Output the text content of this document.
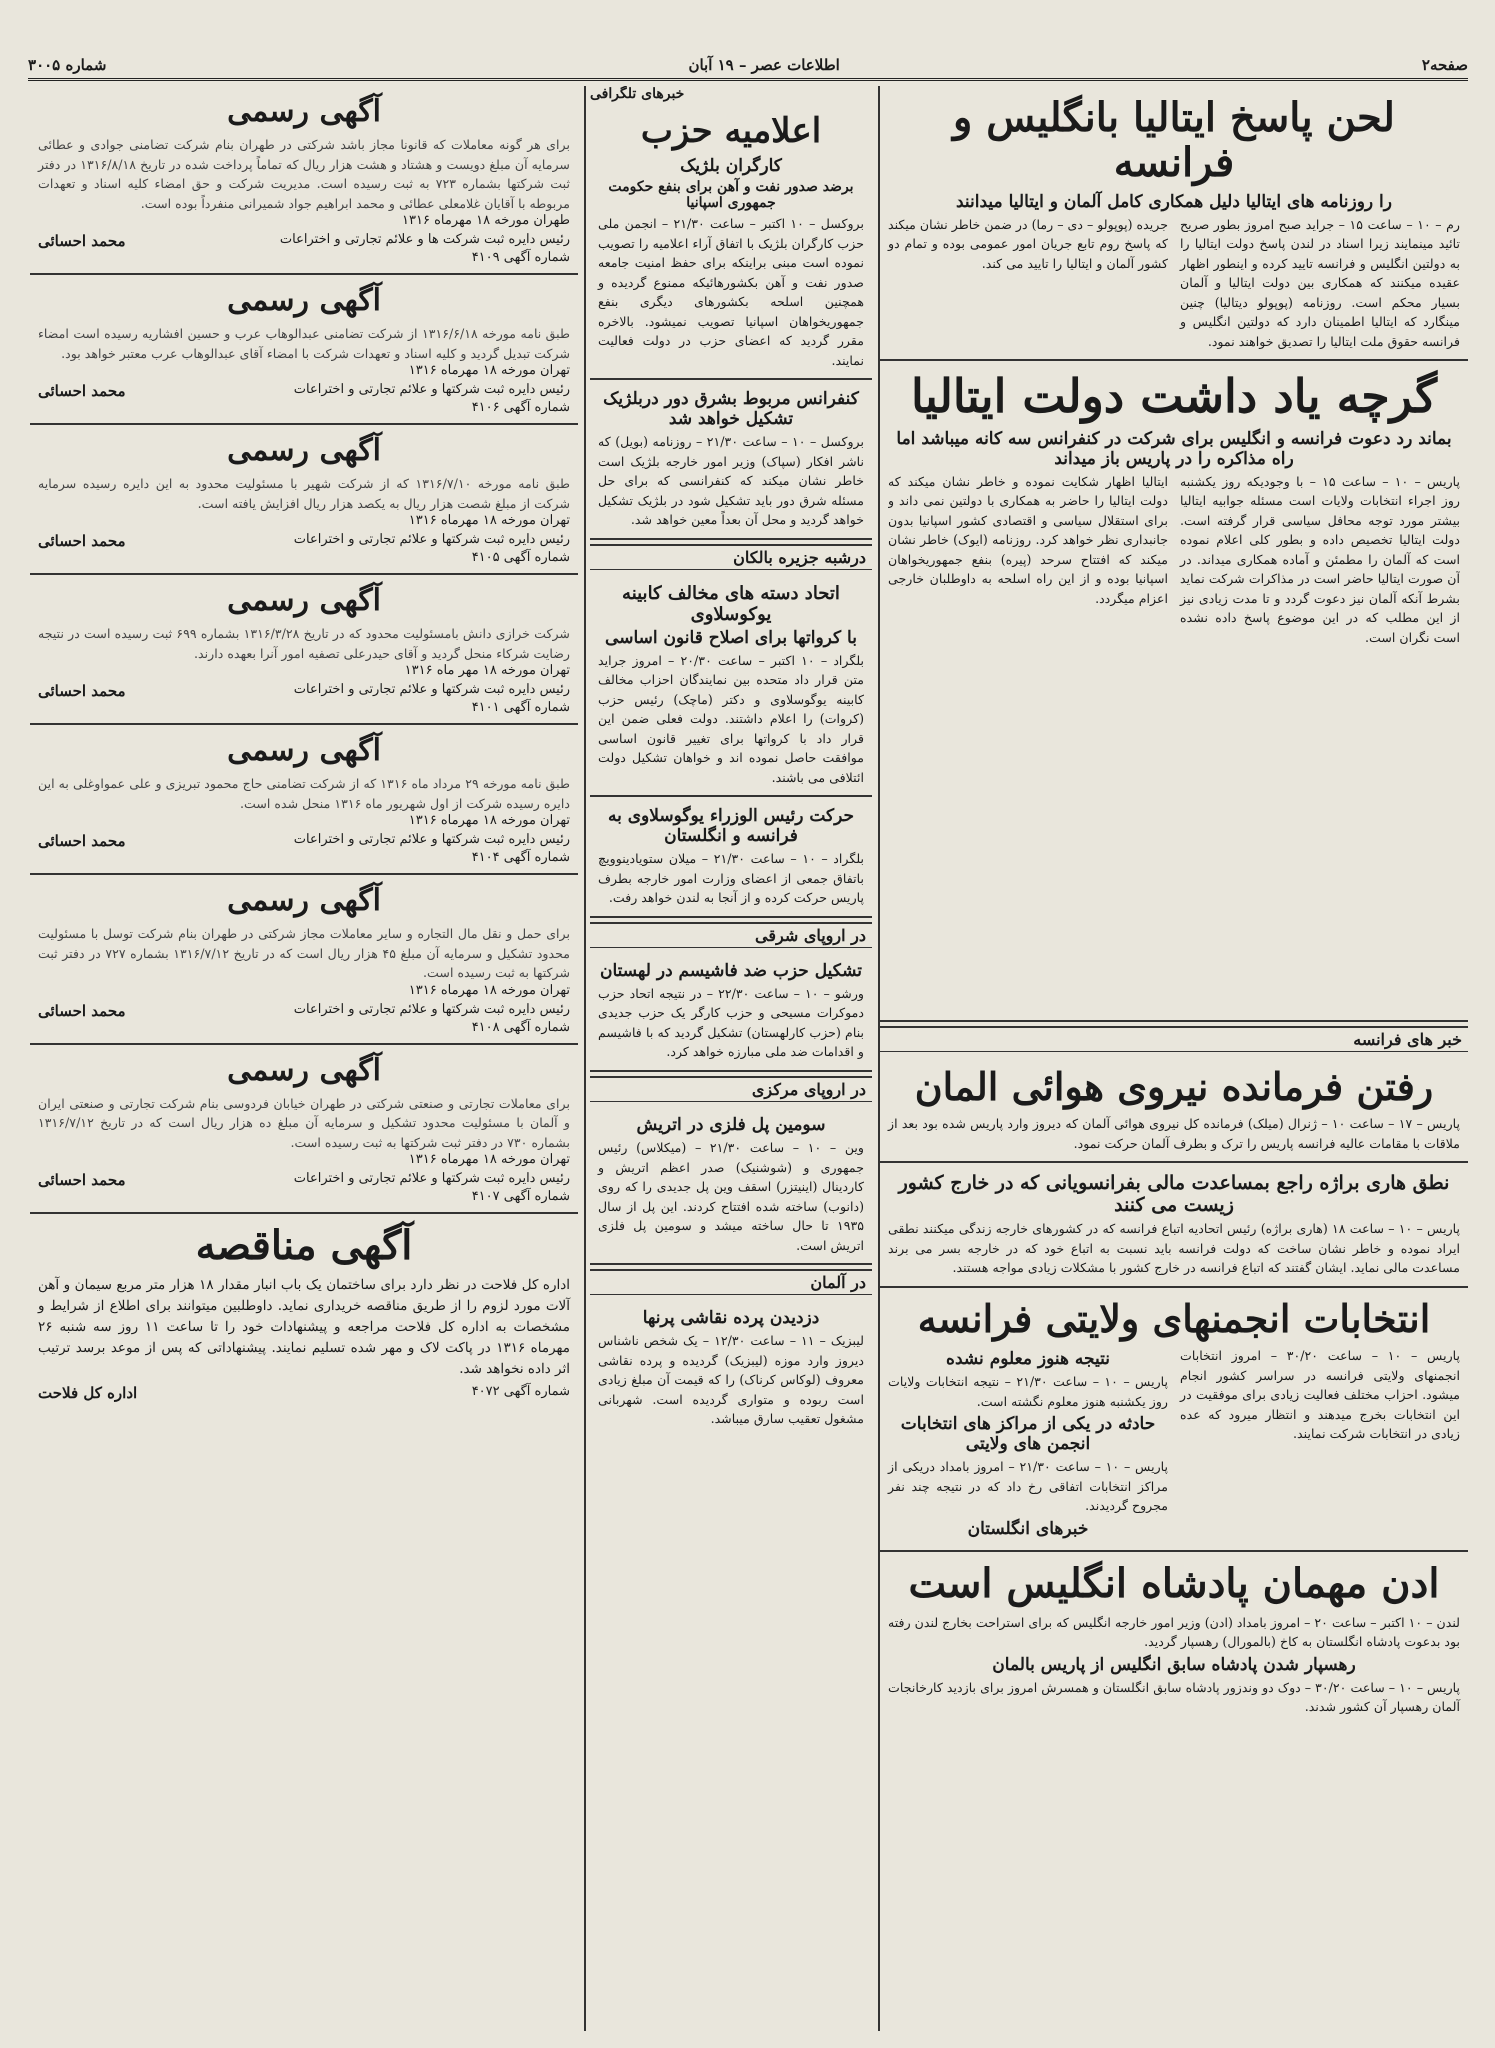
صفحه۲
اطلاعات عصر – ۱۹ آبان
شماره ۳۰۰۵
لحن پاسخ ایتالیا بانگلیس و فرانسه
را روزنامه های ایتالیا دلیل همکاری کامل آلمان و ایتالیا میدانند
رم – ۱۰ – ساعت ۱۵ – جراید صبح امروز بطور صریح تائید مینمایند زیرا اسناد در لندن پاسخ دولت ایتالیا را به دولتین انگلیس و فرانسه تایید کرده و اینطور اظهار عقیده میکنند که همکاری بین دولت ایتالیا و آلمان بسیار محکم است. روزنامه (پوپولو دیتالیا) چنین مینگارد که ایتالیا اطمینان دارد که دولتین انگلیس و فرانسه حقوق ملت ایتالیا را تصدیق خواهند نمود.
جریده (پوپولو – دی – رما) در ضمن خاطر نشان میکند که پاسخ روم تابع جریان امور عمومی بوده و تمام دو کشور آلمان و ایتالیا را تایید می کند.
گرچه یاد داشت دولت ایتالیا
بماند رد دعوت فرانسه و انگلیس برای شرکت در کنفرانس سه کانه میباشد اما راه مذاکره را در پاریس باز میداند
پاریس – ۱۰ – ساعت ۱۵ – با وجودیکه روز یکشنبه روز اجراء انتخابات ولایات است مسئله جوابیه ایتالیا بیشتر مورد توجه محافل سیاسی قرار گرفته است. دولت ایتالیا تخصیص داده و بطور کلی اعلام نموده است که آلمان را مطمئن و آماده همکاری میداند. در آن صورت ایتالیا حاضر است در مذاکرات شرکت نماید بشرط آنکه آلمان نیز دعوت گردد و تا مدت زیادی نیز از این مطلب که در این موضوع پاسخ داده نشده است نگران است.
ایتالیا اظهار شکایت نموده و خاطر نشان میکند که دولت ایتالیا را حاضر به همکاری با دولتین نمی داند و برای استقلال سیاسی و اقتصادی کشور اسپانیا بدون جانبداری نظر خواهد کرد. روزنامه (ایوک) خاطر نشان میکند که افتتاح سرحد (پیره) بنفع جمهوریخواهان اسپانیا بوده و از این راه اسلحه به داوطلبان خارجی اعزام میگردد.
خبر های فرانسه
رفتن فرمانده نیروی هوائی المان
پاریس – ۱۷ – ساعت ۱۰ – ژنرال (میلک) فرمانده کل نیروی هوائی آلمان که دیروز وارد پاریس شده بود بعد از ملاقات با مقامات عالیه فرانسه پاریس را ترک و بطرف آلمان حرکت نمود.
نطق هاری براژه راجع بمساعدت مالی بفرانسویانی که در خارج کشور زیست می کنند
پاریس – ۱۰ – ساعت ۱۸ (هاری براژه) رئیس اتحادیه اتباع فرانسه که در کشورهای خارجه زندگی میکنند نطقی ایراد نموده و خاطر نشان ساخت که دولت فرانسه باید نسبت به اتباع خود که در خارجه بسر می برند مساعدت مالی نماید. ایشان گفتند که اتباع فرانسه در خارج کشور با مشکلات زیادی مواجه هستند.
انتخابات انجمنهای ولایتی فرانسه
پاریس – ۱۰ – ساعت ۳۰/۲۰ – امروز انتخابات انجمنهای ولایتی فرانسه در سراسر کشور انجام میشود. احزاب مختلف فعالیت زیادی برای موفقیت در این انتخابات بخرج میدهند و انتظار میرود که عده زیادی در انتخابات شرکت نمایند.
نتیجه هنوز معلوم نشده
پاریس – ۱۰ – ساعت ۲۱/۳۰ – نتیجه انتخابات ولایات روز یکشنبه هنوز معلوم نگشته است.
حادثه در یکی از مراکز های انتخابات انجمن های ولایتی
پاریس – ۱۰ – ساعت ۲۱/۳۰ – امروز بامداد دریکی از مراکز انتخابات اتفاقی رخ داد که در نتیجه چند نفر مجروح گردیدند.
خبرهای انگلستان
ادن مهمان پادشاه انگلیس است
لندن – ۱۰ اکتبر – ساعت ۲۰ – امروز بامداد (ادن) وزیر امور خارجه انگلیس که برای استراحت بخارج لندن رفته بود بدعوت پادشاه انگلستان به کاخ (بالمورال) رهسپار گردید.
رهسپار شدن پادشاه سابق انگلیس از پاریس بالمان
پاریس – ۱۰ – ساعت ۳۰/۲۰ – دوک دو وندزور پادشاه سابق انگلستان و همسرش امروز برای بازدید کارخانجات آلمان رهسپار آن کشور شدند.
خبرهای تلگرافی
اعلامیه حزب
کارگران بلژیک
برضد صدور نفت و آهن برای بنفع حکومت جمهوری اسپانیا
بروکسل – ۱۰ اکتبر – ساعت ۲۱/۳۰ – انجمن ملی حزب کارگران بلژیک با اتفاق آراء اعلامیه را تصویب نموده است مبنی براینکه برای حفظ امنیت جامعه صدور نفت و آهن بکشورهائیکه ممنوع گردیده و همچنین اسلحه بکشورهای دیگری بنفع جمهوریخواهان اسپانیا تصویب نمیشود. بالاخره مقرر گردید که اعضای حزب در دولت فعالیت نمایند.
کنفرانس مربوط بشرق دور دربلژیک تشکیل خواهد شد
بروکسل – ۱۰ – ساعت ۲۱/۳۰ – روزنامه (بویل) که ناشر افکار (سپاک) وزیر امور خارجه بلژیک است خاطر نشان میکند که کنفرانسی که برای حل مسئله شرق دور باید تشکیل شود در بلژیک تشکیل خواهد گردید و محل آن بعداً معین خواهد شد.
درشبه جزیره بالکان
اتحاد دسته های مخالف کابینه یوکوسلاوی
با کرواتها برای اصلاح قانون اساسی
بلگراد – ۱۰ اکتبر – ساعت ۲۰/۳۰ – امروز جراید متن قرار داد متحده بین نمایندگان احزاب مخالف کابینه یوگوسلاوی و دکتر (ماچک) رئیس حزب (کروات) را اعلام داشتند. دولت فعلی ضمن این قرار داد با کرواتها برای تغییر قانون اساسی موافقت حاصل نموده اند و خواهان تشکیل دولت ائتلافی می باشند.
حرکت رئیس الوزراء یوگوسلاوی به فرانسه و انگلستان
بلگراد – ۱۰ – ساعت ۲۱/۳۰ – میلان ستویادینوویچ باتفاق جمعی از اعضای وزارت امور خارجه بطرف پاریس حرکت کرده و از آنجا به لندن خواهد رفت.
در اروپای شرقی
تشکیل حزب ضد فاشیسم در لهستان
ورشو – ۱۰ – ساعت ۲۲/۳۰ – در نتیجه اتحاد حزب دموکرات مسیحی و حزب کارگر یک حزب جدیدی بنام (حزب کارلهستان) تشکیل گردید که با فاشیسم و اقدامات ضد ملی مبارزه خواهد کرد.
در اروپای مرکزی
سومین پل فلزی در اتریش
وین – ۱۰ – ساعت ۲۱/۳۰ – (میکلاس) رئیس جمهوری و (شوشنیک) صدر اعظم اتریش و کاردینال (اینیتزر) اسقف وین پل جدیدی را که روی (دانوب) ساخته شده افتتاح کردند. این پل از سال ۱۹۳۵ تا حال ساخته میشد و سومین پل فلزی اتریش است.
در آلمان
دزدیدن پرده نقاشی پرنها
لیبزیک – ۱۱ – ساعت ۱۲/۳۰ – یک شخص ناشناس دیروز وارد موزه (لیبزیک) گردیده و پرده نقاشی معروف (لوکاس کرناک) را که قیمت آن مبلغ زیادی است ربوده و متواری گردیده است. شهربانی مشغول تعقیب سارق میباشد.
آگهی رسمی
برای هر گونه معاملات که قانونا مجاز باشد شرکتی در طهران بنام شرکت تضامنی جوادی و عطائی سرمایه آن مبلغ دویست و هشتاد و هشت هزار ریال که تماماً پرداخت شده در تاریخ ۱۳۱۶/۸/۱۸ در دفتر ثبت شرکتها بشماره ۷۲۳ به ثبت رسیده است. مدیریت شرکت و حق امضاء کلیه اسناد و تعهدات مربوطه با آقایان غلامعلی عطائی و محمد ابراهیم جواد شمیرانی منفرداً بوده است.
طهران مورخه ۱۸ مهرماه ۱۳۱۶
رئیس دایره ثبت شرکت ها و علائم تجارتی و اختراعات
محمد احسائی
شماره آگهی ۴۱۰۹
آگهی رسمی
طبق نامه مورخه ۱۳۱۶/۶/۱۸ از شرکت تضامنی عبدالوهاب عرب و حسین افشاریه رسیده است امضاء شرکت تبدیل گردید و کلیه اسناد و تعهدات شرکت با امضاء آقای عبدالوهاب عرب معتبر خواهد بود.
تهران مورخه ۱۸ مهرماه ۱۳۱۶
رئیس دایره ثبت شرکتها و علائم تجارتی و اختراعات
محمد احسائی
شماره آگهی ۴۱۰۶
آگهی رسمی
طبق نامه مورخه ۱۳۱۶/۷/۱۰ که از شرکت شهیر با مسئولیت محدود به این دایره رسیده سرمایه شرکت از مبلغ شصت هزار ریال به یکصد هزار ریال افزایش یافته است.
تهران مورخه ۱۸ مهرماه ۱۳۱۶
رئیس دایره ثبت شرکتها و علائم تجارتی و اختراعات
محمد احسائی
شماره آگهی ۴۱۰۵
آگهی رسمی
شرکت خرازی دانش بامسئولیت محدود که در تاریخ ۱۳۱۶/۳/۲۸ بشماره ۶۹۹ ثبت رسیده است در نتیجه رضایت شرکاء منحل گردید و آقای حیدرعلی تصفیه امور آنرا بعهده دارند.
تهران مورخه ۱۸ مهر ماه ۱۳۱۶
رئیس دایره ثبت شرکتها و علائم تجارتی و اختراعات
محمد احسائی
شماره آگهی ۴۱۰۱
آگهی رسمی
طبق نامه مورخه ۲۹ مرداد ماه ۱۳۱۶ که از شرکت تضامنی حاج محمود تبریزی و علی عمواوغلی به این دایره رسیده شرکت از اول شهریور ماه ۱۳۱۶ منحل شده است.
تهران مورخه ۱۸ مهرماه ۱۳۱۶
رئیس دایره ثبت شرکتها و علائم تجارتی و اختراعات
محمد احسائی
شماره آگهی ۴۱۰۴
آگهی رسمی
برای حمل و نقل مال التجاره و سایر معاملات مجاز شرکتی در طهران بنام شرکت توسل با مسئولیت محدود تشکیل و سرمایه آن مبلغ ۴۵ هزار ریال است که در تاریخ ۱۳۱۶/۷/۱۲ بشماره ۷۲۷ در دفتر ثبت شرکتها به ثبت رسیده است.
تهران مورخه ۱۸ مهرماه ۱۳۱۶
رئیس دایره ثبت شرکتها و علائم تجارتی و اختراعات
محمد احسائی
شماره آگهی ۴۱۰۸
آگهی رسمی
برای معاملات تجارتی و صنعتی شرکتی در طهران خیابان فردوسی بنام شرکت تجارتی و صنعتی ایران و آلمان با مسئولیت محدود تشکیل و سرمایه آن مبلغ ده هزار ریال است که در تاریخ ۱۳۱۶/۷/۱۲ بشماره ۷۳۰ در دفتر ثبت شرکتها به ثبت رسیده است.
تهران مورخه ۱۸ مهرماه ۱۳۱۶
رئیس دایره ثبت شرکتها و علائم تجارتی و اختراعات
محمد احسائی
شماره آگهی ۴۱۰۷
آگهی مناقصه
اداره کل فلاحت در نظر دارد برای ساختمان یک باب انبار مقدار ۱۸ هزار متر مربع سیمان و آهن آلات مورد لزوم را از طریق مناقصه خریداری نماید. داوطلبین میتوانند برای اطلاع از شرایط و مشخصات به اداره کل فلاحت مراجعه و پیشنهادات خود را تا ساعت ۱۱ روز سه شنبه ۲۶ مهرماه ۱۳۱۶ در پاکت لاک و مهر شده تسلیم نمایند. پیشنهاداتی که پس از موعد برسد ترتیب اثر داده نخواهد شد.
شماره آگهی ۴۰۷۲
اداره کل فلاحت
